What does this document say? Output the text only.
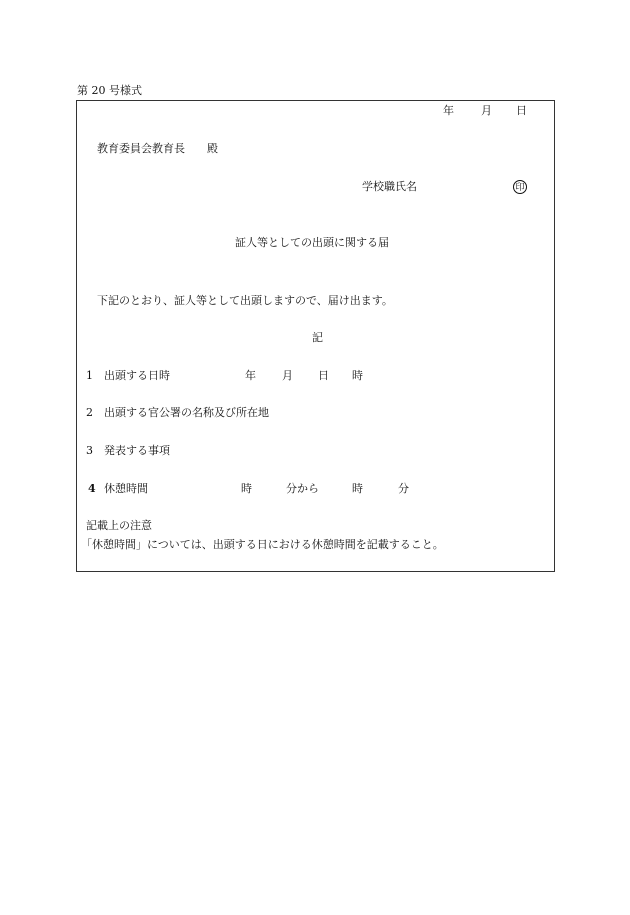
第 20 号様式
年 月 日
教育委員会教育長　　殿
学校職氏名	印
証人等としての出頭に関する届
下記のとおり、証人等として出頭しますので、届け出ます。
記
1 出頭する日時	年 月 日 時
2 出頭する官公署の名称及び所在地
3 発表する事項
4 休憩時間	時	分から	時	分
記載上の注意
「休憩時間」については、出頭する日における休憩時間を記載すること。
